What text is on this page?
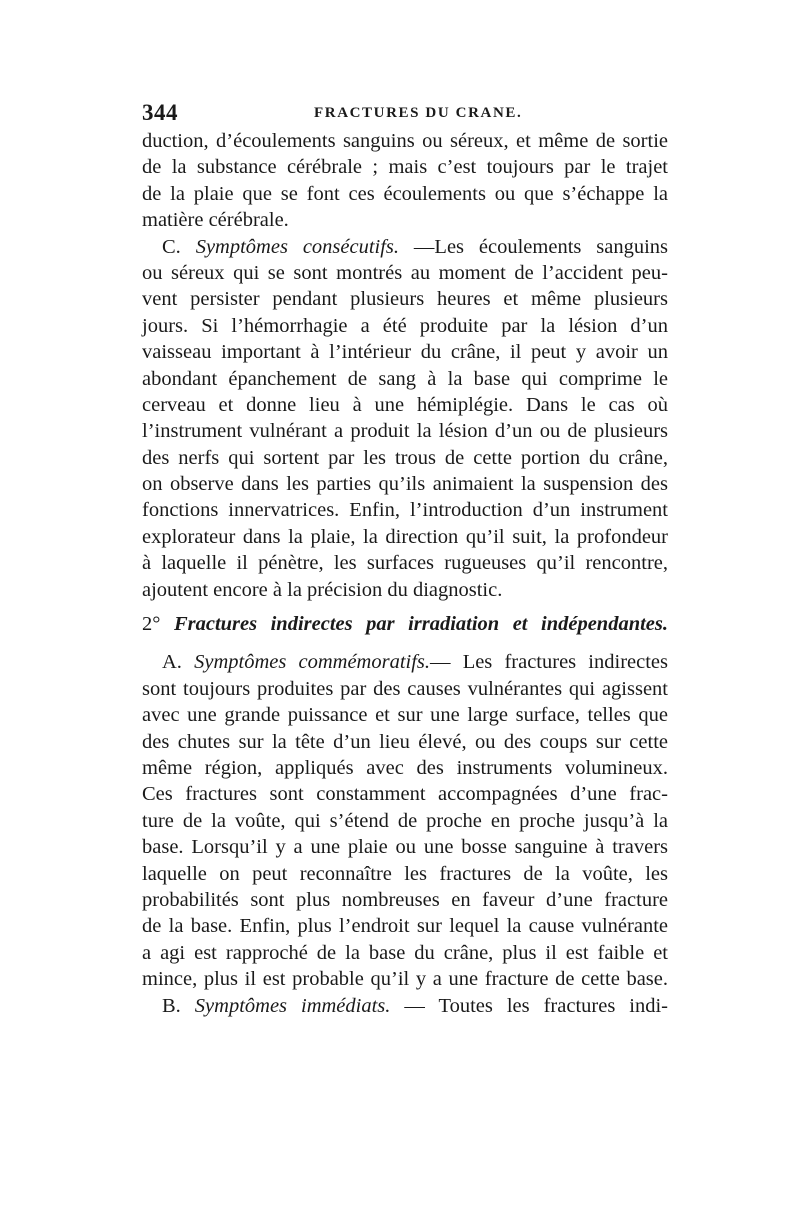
344	FRACTURES DU CRANE.
duction, d’écoulements sanguins ou séreux, et même de sortie
de la substance cérébrale ; mais c’est toujours par le trajet
de la plaie que se font ces écoulements ou que s’échappe la
matière cérébrale.
C. Symptômes consécutifs. —Les écoulements sanguins
ou séreux qui se sont montrés au moment de l’accident peu-
vent persister pendant plusieurs heures et même plusieurs
jours. Si l’hémorrhagie a été produite par la lésion d’un
vaisseau important à l’intérieur du crâne, il peut y avoir un
abondant épanchement de sang à la base qui comprime le
cerveau et donne lieu à une hémiplégie. Dans le cas où
l’instrument vulnérant a produit la lésion d’un ou de plusieurs
des nerfs qui sortent par les trous de cette portion du crâne,
on observe dans les parties qu’ils animaient la suspension des
fonctions innervatrices. Enfin, l’introduction d’un instrument
explorateur dans la plaie, la direction qu’il suit, la profondeur
à laquelle il pénètre, les surfaces rugueuses qu’il rencontre,
ajoutent encore à la précision du diagnostic.
2° Fractures indirectes par irradiation et indépendantes.
A. Symptômes commémoratifs.— Les fractures indirectes
sont toujours produites par des causes vulnérantes qui agissent
avec une grande puissance et sur une large surface, telles que
des chutes sur la tête d’un lieu élevé, ou des coups sur cette
même région, appliqués avec des instruments volumineux.
Ces fractures sont constamment accompagnées d’une frac-
ture de la voûte, qui s’étend de proche en proche jusqu’à la
base. Lorsqu’il y a une plaie ou une bosse sanguine à travers
laquelle on peut reconnaître les fractures de la voûte, les
probabilités sont plus nombreuses en faveur d’une fracture
de la base. Enfin, plus l’endroit sur lequel la cause vulnérante
a agi est rapproché de la base du crâne, plus il est faible et
mince, plus il est probable qu’il y a une fracture de cette base.
B. Symptômes immédiats. — Toutes les fractures indi-
